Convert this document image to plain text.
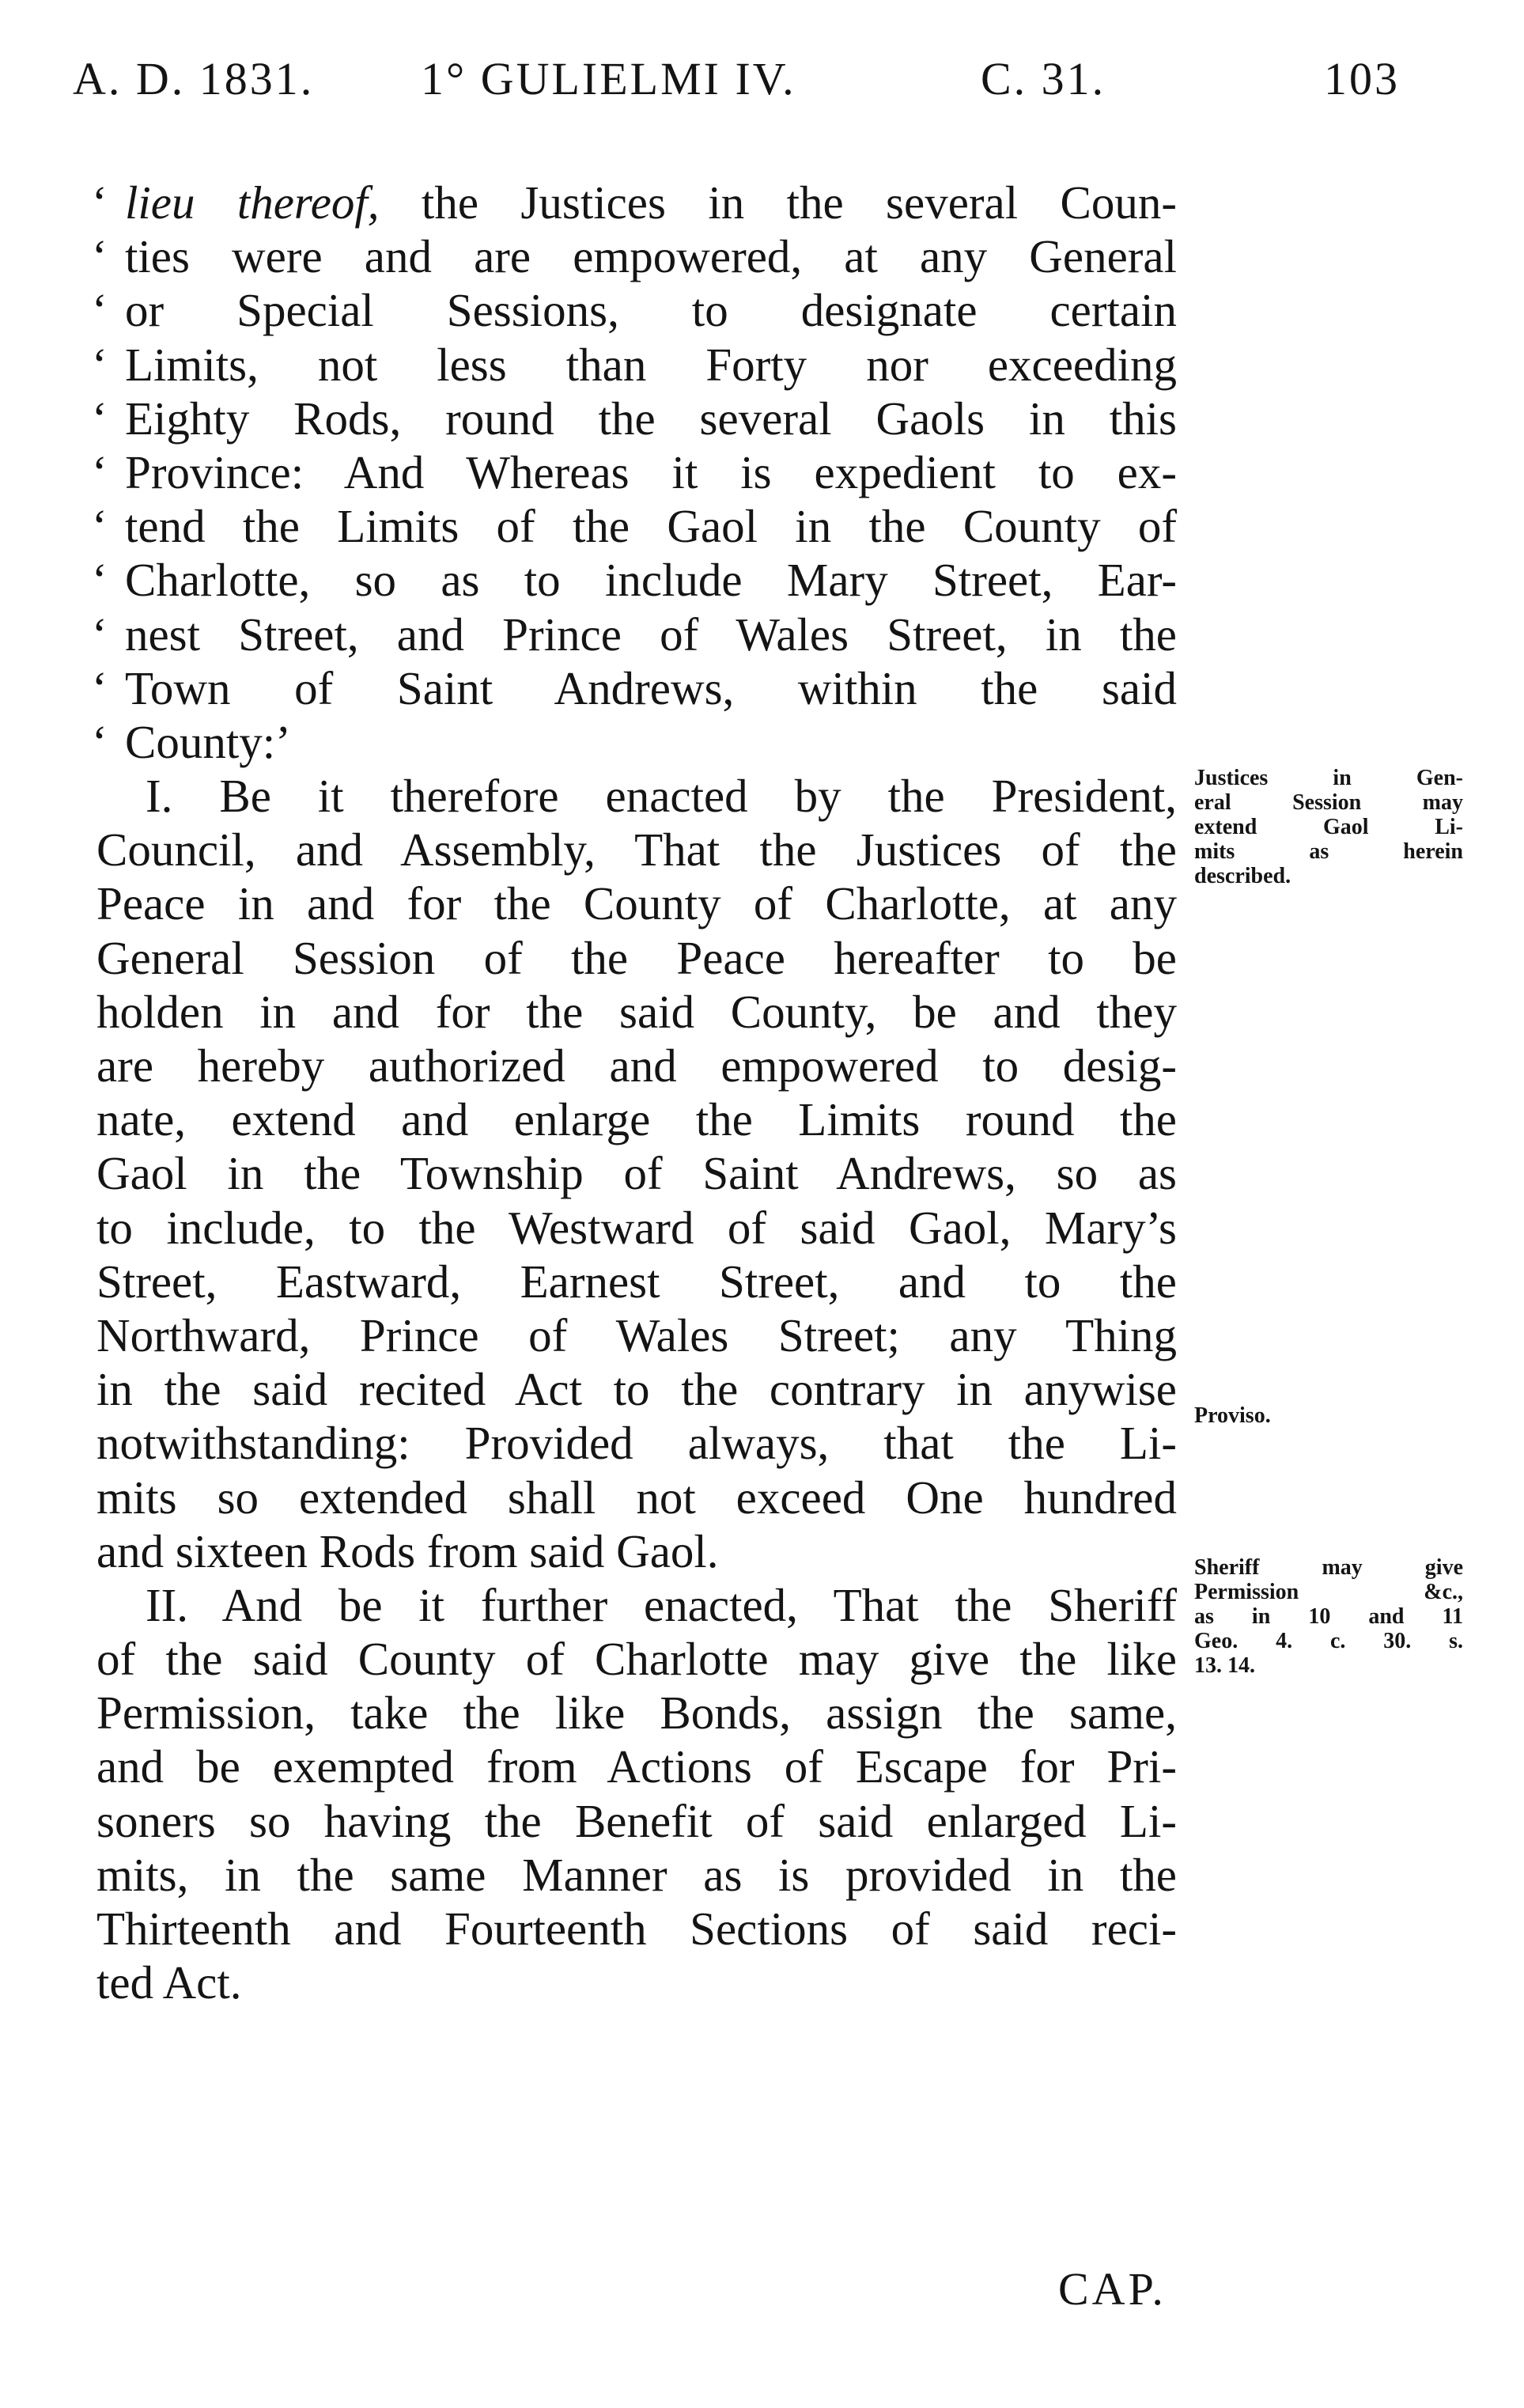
A. D. 1831. 1° GULIELMI IV.	C. 31.	103
‘ lieu thereof, the Justices in the several Coun-
‘ ties were and are empowered, at any General
‘ or Special Sessions, to designate certain
‘ Limits, not less than Forty nor exceeding
‘ Eighty Rods, round the several Gaols in this
‘ Province: And Whereas it is expedient to ex-
‘ tend the Limits of the Gaol in the County of
‘ Charlotte, so as to include Mary Street, Ear-
‘ nest Street, and Prince of Wales Street, in the
‘ Town of Saint Andrews, within the said
‘ County:’
I. Be it therefore enacted by the President,
Council, and Assembly, That the Justices of the
Peace in and for the County of Charlotte, at any
General Session of the Peace hereafter to be
holden in and for the said County, be and they
are hereby authorized and empowered to desig-
nate, extend and enlarge the Limits round the
Gaol in the Township of Saint Andrews, so as
to include, to the Westward of said Gaol, Mary’s
Street, Eastward, Earnest Street, and to the
Northward, Prince of Wales Street; any Thing
in the said recited Act to the contrary in anywise
notwithstanding: Provided always, that the Li-
mits so extended shall not exceed One hundred
and sixteen Rods from said Gaol.
II. And be it further enacted, That the Sheriff
of the said County of Charlotte may give the like
Permission, take the like Bonds, assign the same,
and be exempted from Actions of Escape for Pri-
soners so having the Benefit of said enlarged Li-
mits, in the same Manner as is provided in the
Thirteenth and Fourteenth Sections of said reci-
ted Act.
Justices in Gen-
eral Session may
extend Gaol Li-
mits as herein
described.
Proviso.
Sheriff may give
Permission &c.,
as in 10 and 11
Geo. 4. c. 30. s.
13. 14.
CAP.
